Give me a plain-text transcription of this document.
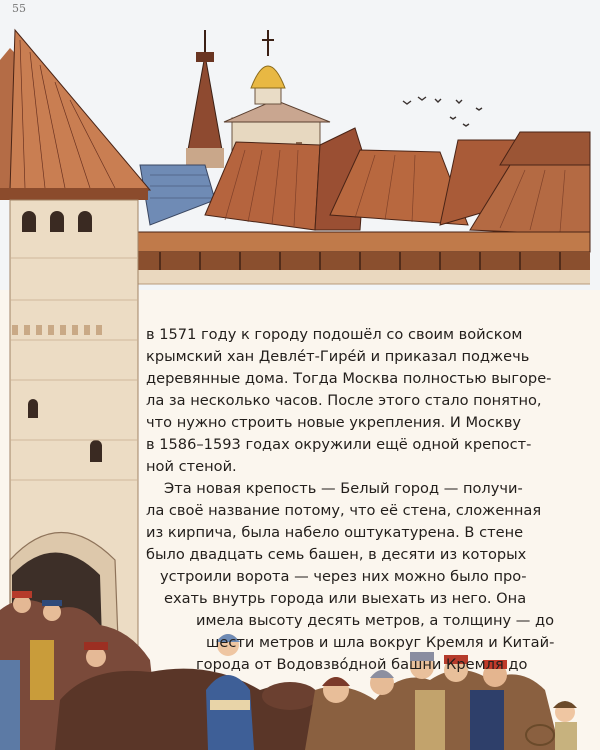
55
в 1571 году к городу подошёл со своим войском
крымский хан Девле́т-Гире́й и приказал поджечь
деревянные дома. Тогда Москва полностью выгоре-
ла за несколько часов. После этого стало понятно,
что нужно строить новые укрепления. И Москву
в 1586–1593 годах окружили ещё одной крепост-
ной стеной.
Эта новая крепость — Белый город — получи-
ла своё название потому, что её стена, сложенная
из кирпича, была набело оштукатурена. В стене
было двадцать семь башен, в десяти из которых
устроили ворота — через них можно было про-
ехать внутрь города или выехать из него. Она
имела высоту десять метров, а толщину — до
шести метров и шла вокруг Кремля и Китай-
города от Водовзво́дной башни Кремля до
